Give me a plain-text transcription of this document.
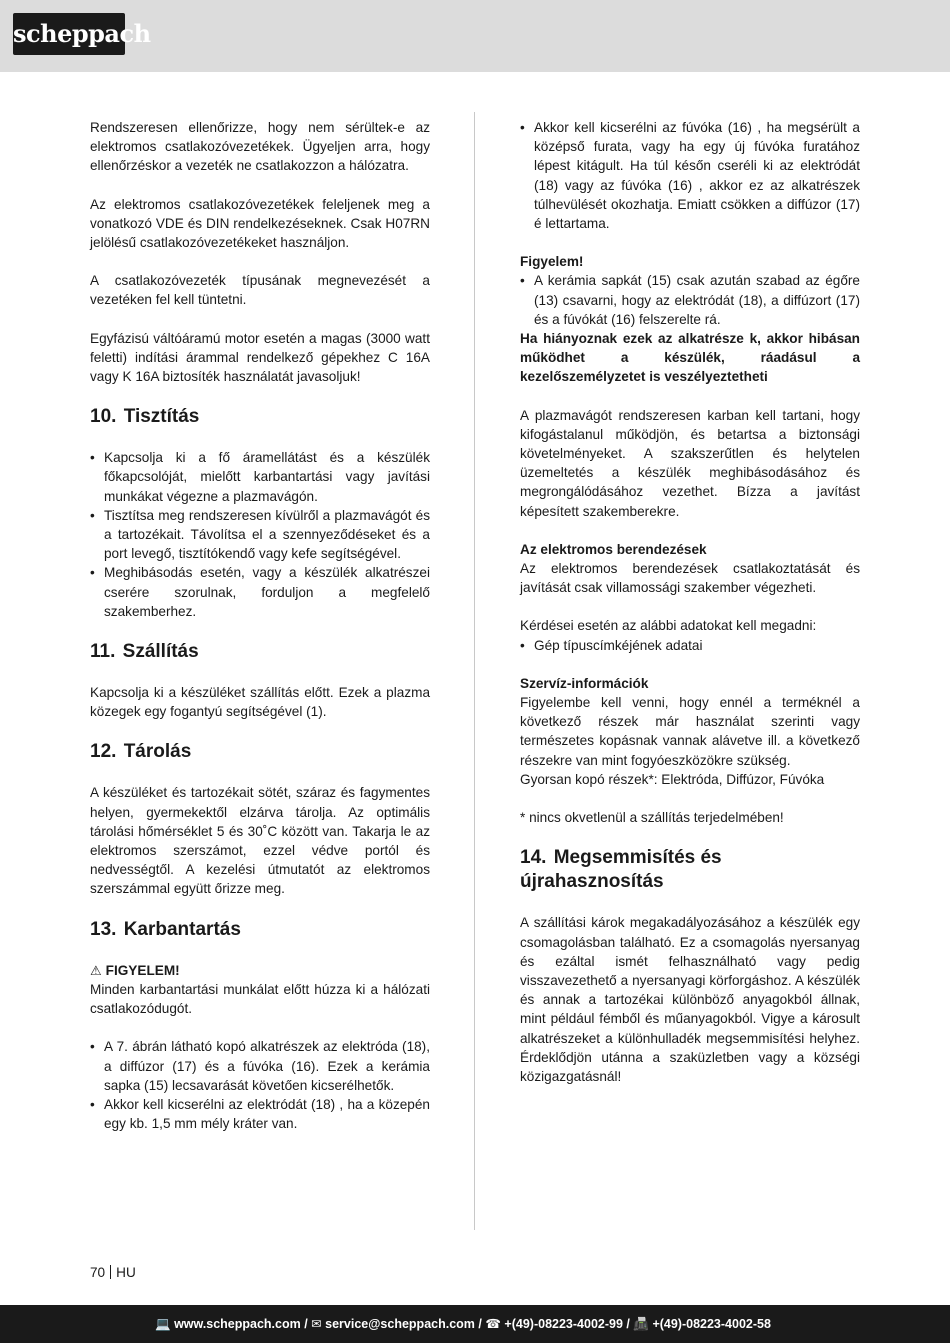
scheppach

Rendszeresen ellenőrizze, hogy nem sérültek-e az elektromos csatlakozóvezetékek. Ügyeljen arra, hogy ellenőrzéskor a vezeték ne csatlakozzon a hálózatra.

Az elektromos csatlakozóvezetékek feleljenek meg a vonatkozó VDE és DIN rendelkezéseknek. Csak H07RN jelölésű csatlakozóvezetékeket használjon.

A csatlakozóvezeték típusának megnevezését a vezetéken fel kell tüntetni.

Egyfázisú váltóáramú motor esetén a magas (3000 watt feletti) indítási árammal rendelkező gépekhez C 16A vagy K 16A biztosíték használatát javasoljuk!

10. Tisztítás
• Kapcsolja ki a fő áramellátást és a készülék főkapcsolóját, mielőtt karbantartási vagy javítási munkákat végezne a plazmavágón.
• Tisztítsa meg rendszeresen kívülről a plazmavágót és a tartozékait. Távolítsa el a szennyeződéseket és a port levegő, tisztítókendő vagy kefe segítségével.
• Meghibásodás esetén, vagy a készülék alkatrészei cserére szorulnak, forduljon a megfelelő szakemberhez.
11. Szállítás

Kapcsolja ki a készüléket szállítás előtt. Ezek a plazma közegek egy fogantyú segítségével (1).

12. Tárolás

A készüléket és tartozékait sötét, száraz és fagymentes helyen, gyermekektől elzárva tárolja. Az optimális tárolási hőmérséklet 5 és 30˚C között van. Takarja le az elektromos szerszámot, ezzel védve portól és nedvességtől. A kezelési útmutatót az elektromos szerszámmal együtt őrizze meg.

13. Karbantartás
⚠ FIGYELEM!

Minden karbantartási munkálat előtt húzza ki a hálózati csatlakozódugót.

• A 7. ábrán látható kopó alkatrészek az elektróda (18), a diffúzor (17) és a fúvóka (16). Ezek a kerámia sapka (15) lecsavarását követően kicserélhetők.
• Akkor kell kicserélni az elektródát (18) , ha a közepén egy kb. 1,5 mm mély kráter van.
• Akkor kell kicserélni az fúvóka (16) , ha megsérült a középső furata, vagy ha egy új fúvóka furatához lépest kitágult. Ha túl későn cseréli ki az elektródát (18) vagy az fúvóka (16) , akkor ez az alkatrészek túlhevülését okozhatja. Emiatt csökken a diffúzor (17) é lettartama.
Figyelem!
• A kerámia sapkát (15) csak azután szabad az égőre (13) csavarni, hogy az elektródát (18), a diffúzort (17) és a fúvókát (16) felszerelte rá.
Ha hiányoznak ezek az alkatrésze k, akkor hibásan működhet a készülék, ráadásul a kezelőszemélyzetet is veszélyeztetheti

A plazmavágót rendszeresen karban kell tartani, hogy kifogástalanul működjön, és betartsa a biztonsági követelményeket. A szakszerűtlen és helytelen üzemeltetés a készülék meghibásodásához és megrongálódásához vezethet. Bízza a javítást képesített szakemberekre.

Az elektromos berendezések

Az elektromos berendezések csatlakoztatását és javítását csak villamossági szakember végezheti.

Kérdései esetén az alábbi adatokat kell megadni:

• Gép típuscímkéjének adatai
Szervíz-információk

Figyelembe kell venni, hogy ennél a terméknél a következő részek már használat szerinti vagy természetes kopásnak vannak alávetve ill. a következő részekre van mint fogyóeszközökre szükség.

Gyorsan kopó részek*: Elektróda, Diffúzor, Fúvóka

* nincs okvetlenül a szállítás terjedelmében!

14. Megsemmisítés és újrahasznosítás

A szállítási károk megakadályozásához a készülék egy csomagolásban található. Ez a csomagolás nyersanyag és ezáltal ismét felhasználható vagy pedig visszavezethető a nyersanyagi körforgáshoz. A készülék és annak a tartozékai különböző anyagokból állnak, mint például fémből és műanyagokból. Vigye a károsult alkatrészeket a különhulladék megsemmisítési helyhez. Érdeklődjön utánna a szaküzletben vagy a községi közigazgatásnál!

70 HU
💻 www.scheppach.com / ✉ service@scheppach.com / ☎ +(49)-08223-4002-99 / 📠 +(49)-08223-4002-58
